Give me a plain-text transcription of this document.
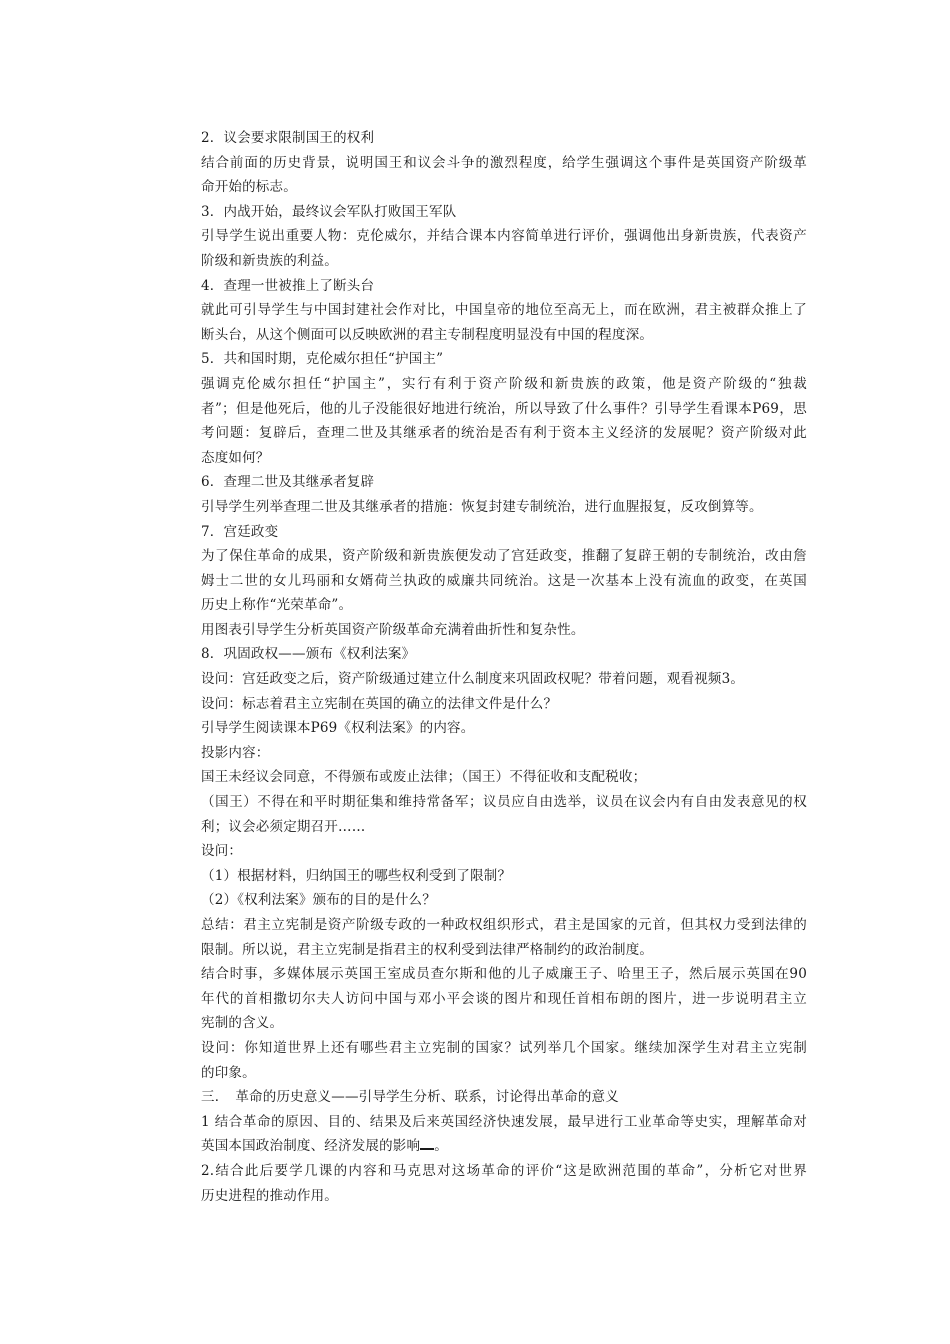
2．议会要求限制国王的权利
结合前面的历史背景，说明国王和议会斗争的激烈程度，给学生强调这个事件是英国资产阶级革
命开始的标志。
3．内战开始，最终议会军队打败国王军队
引导学生说出重要人物：克伦威尔，并结合课本内容简单进行评价，强调他出身新贵族，代表资产
阶级和新贵族的利益。
4．查理一世被推上了断头台
就此可引导学生与中国封建社会作对比，中国皇帝的地位至高无上，而在欧洲，君主被群众推上了
断头台，从这个侧面可以反映欧洲的君主专制程度明显没有中国的程度深。
5．共和国时期，克伦威尔担任“护国主”
强调克伦威尔担任“护国主”，实行有利于资产阶级和新贵族的政策，他是资产阶级的“独裁
者”；但是他死后，他的儿子没能很好地进行统治，所以导致了什么事件？引导学生看课本P69，思
考问题：复辟后，查理二世及其继承者的统治是否有利于资本主义经济的发展呢？资产阶级对此
态度如何？
6．查理二世及其继承者复辟
引导学生列举查理二世及其继承者的措施：恢复封建专制统治，进行血腥报复，反攻倒算等。
7．宫廷政变
为了保住革命的成果，资产阶级和新贵族便发动了宫廷政变，推翻了复辟王朝的专制统治，改由詹
姆士二世的女儿玛丽和女婿荷兰执政的威廉共同统治。这是一次基本上没有流血的政变，在英国
历史上称作“光荣革命”。
用图表引导学生分析英国资产阶级革命充满着曲折性和复杂性。
8．巩固政权——颁布《权利法案》
设问：宫廷政变之后，资产阶级通过建立什么制度来巩固政权呢？带着问题，观看视频3。
设问：标志着君主立宪制在英国的确立的法律文件是什么？
引导学生阅读课本P69《权利法案》的内容。
投影内容：
国王未经议会同意，不得颁布或废止法律；（国王）不得征收和支配税收；
（国王）不得在和平时期征集和维持常备军；议员应自由选举，议员在议会内有自由发表意见的权
利；议会必须定期召开……
设问：
（1）根据材料，归纳国王的哪些权利受到了限制？
（2）《权利法案》颁布的目的是什么？
总结：君主立宪制是资产阶级专政的一种政权组织形式，君主是国家的元首，但其权力受到法律的
限制。所以说，君主立宪制是指君主的权利受到法律严格制约的政治制度。
结合时事，多媒体展示英国王室成员查尔斯和他的儿子威廉王子、哈里王子，然后展示英国在90
年代的首相撒切尔夫人访问中国与邓小平会谈的图片和现任首相布朗的图片，进一步说明君主立
宪制的含义。
设问：你知道世界上还有哪些君主立宪制的国家？试列举几个国家。继续加深学生对君主立宪制
的印象。
三．　革命的历史意义——引导学生分析、联系，讨论得出革命的意义
1 结合革命的原因、目的、结果及后来英国经济快速发展，最早进行工业革命等史实，理解革命对
英国本国政治制度、经济发展的影响 。
2.结合此后要学几课的内容和马克思对这场革命的评价“这是欧洲范围的革命”，分析它对世界
历史进程的推动作用。
